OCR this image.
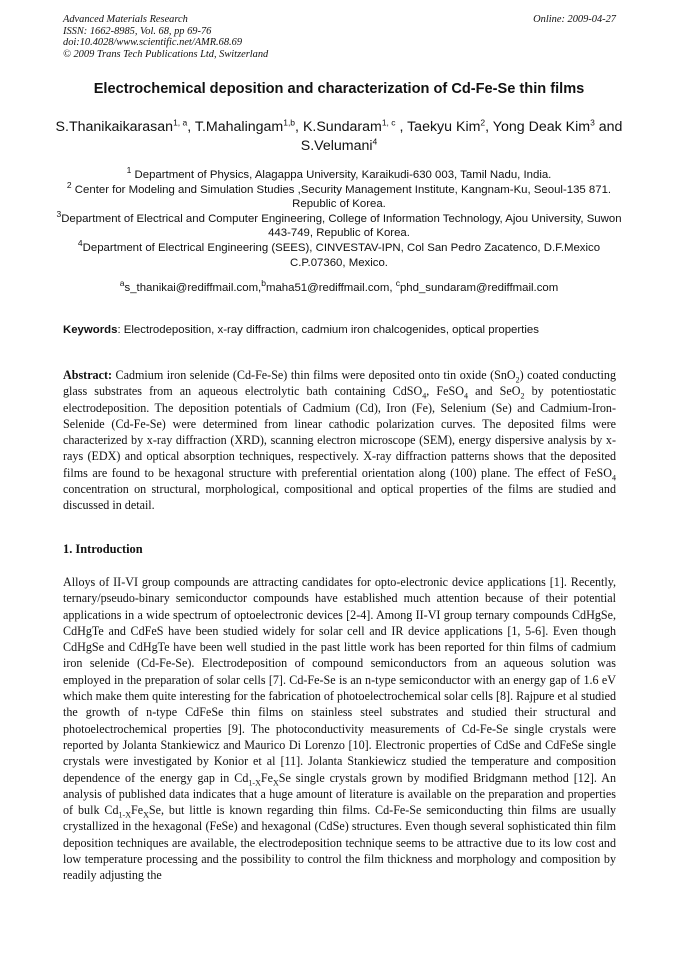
Advanced Materials Research
ISSN: 1662-8985, Vol. 68, pp 69-76
doi:10.4028/www.scientific.net/AMR.68.69
© 2009 Trans Tech Publications Ltd, Switzerland
Online: 2009-04-27
Electrochemical deposition and characterization of Cd-Fe-Se thin films
S.Thanikaikarasan$^{1, a}$, T.Mahalingam$^{1,b}$, K.Sundaram$^{1, c}$ , Taekyu Kim$^2$, Yong Deak Kim$^3$ and S.Velumani$^4$
$^1$ Department of Physics, Alagappa University, Karaikudi-630 003, Tamil Nadu, India.
$^2$ Center for Modeling and Simulation Studies ,Security Management Institute, Kangnam-Ku, Seoul-135 871. Republic of Korea.
$^3$Department of Electrical and Computer Engineering, College of Information Technology, Ajou University, Suwon 443-749, Republic of Korea.
$^4$Department of Electrical Engineering (SEES), CINVESTAV-IPN, Col San Pedro Zacatenco, D.F.Mexico C.P.07360, Mexico.
$^a$s_thanikai@rediffmail.com,$^b$maha51@rediffmail.com, $^c$phd_sundaram@rediffmail.com
Keywords: Electrodeposition, x-ray diffraction, cadmium iron chalcogenides, optical properties
Abstract: Cadmium iron selenide (Cd-Fe-Se) thin films were deposited onto tin oxide (SnO$_2$) coated conducting glass substrates from an aqueous electrolytic bath containing CdSO$_4$, FeSO$_4$ and SeO$_2$ by potentiostatic electrodeposition. The deposition potentials of Cadmium (Cd), Iron (Fe), Selenium (Se) and Cadmium-Iron-Selenide (Cd-Fe-Se) were determined from linear cathodic polarization curves. The deposited films were characterized by x-ray diffraction (XRD), scanning electron microscope (SEM), energy dispersive analysis by x-rays (EDX) and optical absorption techniques, respectively. X-ray diffraction patterns shows that the deposited films are found to be hexagonal structure with preferential orientation along (100) plane. The effect of FeSO$_4$ concentration on structural, morphological, compositional and optical properties of the films are studied and discussed in detail.
1. Introduction
Alloys of II-VI group compounds are attracting candidates for opto-electronic device applications [1]. Recently, ternary/pseudo-binary semiconductor compounds have established much attention because of their potential applications in a wide spectrum of optoelectronic devices [2-4]. Among II-VI group ternary compounds CdHgSe, CdHgTe and CdFeS have been studied widely for solar cell and IR device applications [1, 5-6]. Even though CdHgSe and CdHgTe have been well studied in the past little work has been reported for thin films of cadmium iron selenide (Cd-Fe-Se). Electrodeposition of compound semiconductors from an aqueous solution was employed in the preparation of solar cells [7]. Cd-Fe-Se is an n-type semiconductor with an energy gap of 1.6 eV which make them quite interesting for the fabrication of photoelectrochemical solar cells [8]. Rajpure et al studied the growth of n-type CdFeSe thin films on stainless steel substrates and studied their structural and photoelectrochemical properties [9]. The photoconductivity measurements of Cd-Fe-Se single crystals were reported by Jolanta Stankiewicz and Maurico Di Lorenzo [10]. Electronic properties of CdSe and CdFeSe single crystals were investigated by Konior et al [11]. Jolanta Stankiewicz studied the temperature and composition dependence of the energy gap in $Cd_{1-X}Fe_XSe$ single crystals grown by modified Bridgmann method [12]. An analysis of published data indicates that a huge amount of literature is available on the preparation and properties of bulk $Cd_{1-X}Fe_XSe$, but little is known regarding thin films. Cd-Fe-Se semiconducting thin films are usually crystallized in the hexagonal (FeSe) and hexagonal (CdSe) structures. Even though several sophisticated thin film deposition techniques are available, the electrodeposition technique seems to be attractive due to its low cost and low temperature processing and the possibility to control the film thickness and morphology and composition by readily adjusting the
